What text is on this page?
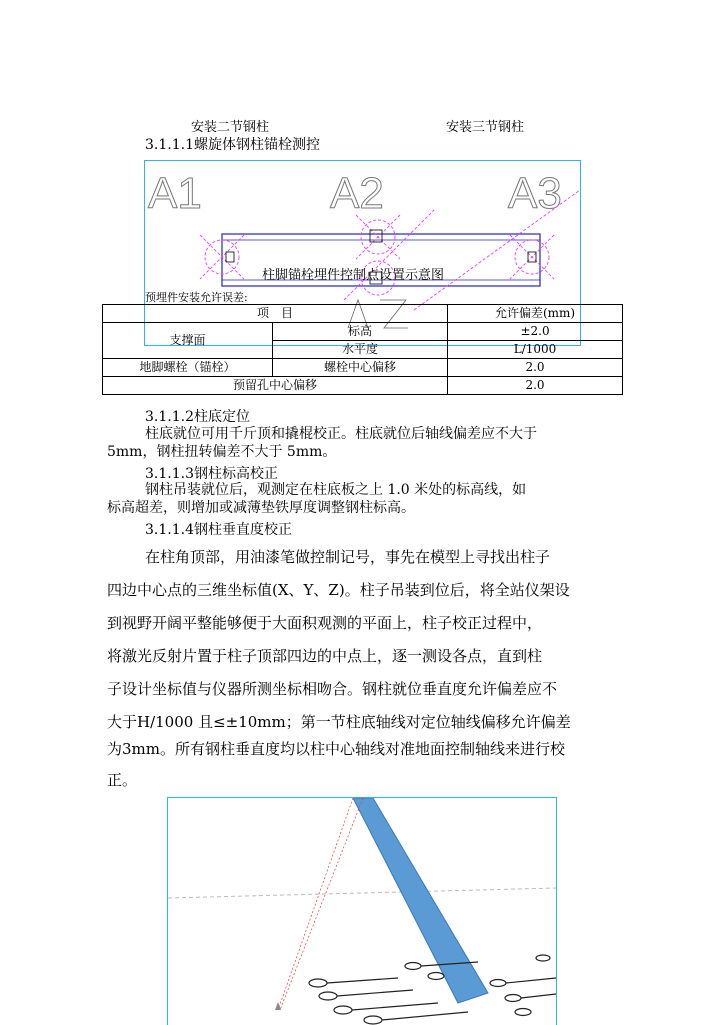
安装二节钢柱	安装三节钢柱
3.1.1.1螺旋体钢柱锚栓测控
A1	A2	A3
柱脚锚栓埋件控制点设置示意图
预埋件安装允许误差:
项　目		允许偏差(mm)
支撑面	标高	±2.0
	水平度	L/1000
地脚螺栓（锚栓）	螺栓中心偏移	2.0
预留孔中心偏移		2.0
3.1.1.2柱底定位
柱底就位可用千斤顶和撬棍校正。柱底就位后轴线偏差应不大于
5mm，钢柱扭转偏差不大于 5mm。
3.1.1.3钢柱标高校正
钢柱吊装就位后，观测定在柱底板之上 1.0 米处的标高线，如
标高超差，则增加或减薄垫铁厚度调整钢柱标高。
3.1.1.4钢柱垂直度校正
在柱角顶部，用油漆笔做控制记号，事先在模型上寻找出柱子
四边中心点的三维坐标值(X、Y、Z)。柱子吊装到位后，将全站仪架设
到视野开阔平整能够便于大面积观测的平面上，柱子校正过程中，
将激光反射片置于柱子顶部四边的中点上，逐一测设各点，直到柱
子设计坐标值与仪器所测坐标相吻合。钢柱就位垂直度允许偏差应不
大于H/1000 且≤±10mm；第一节柱底轴线对定位轴线偏移允许偏差
为3mm。所有钢柱垂直度均以柱中心轴线对准地面控制轴线来进行校
正。
